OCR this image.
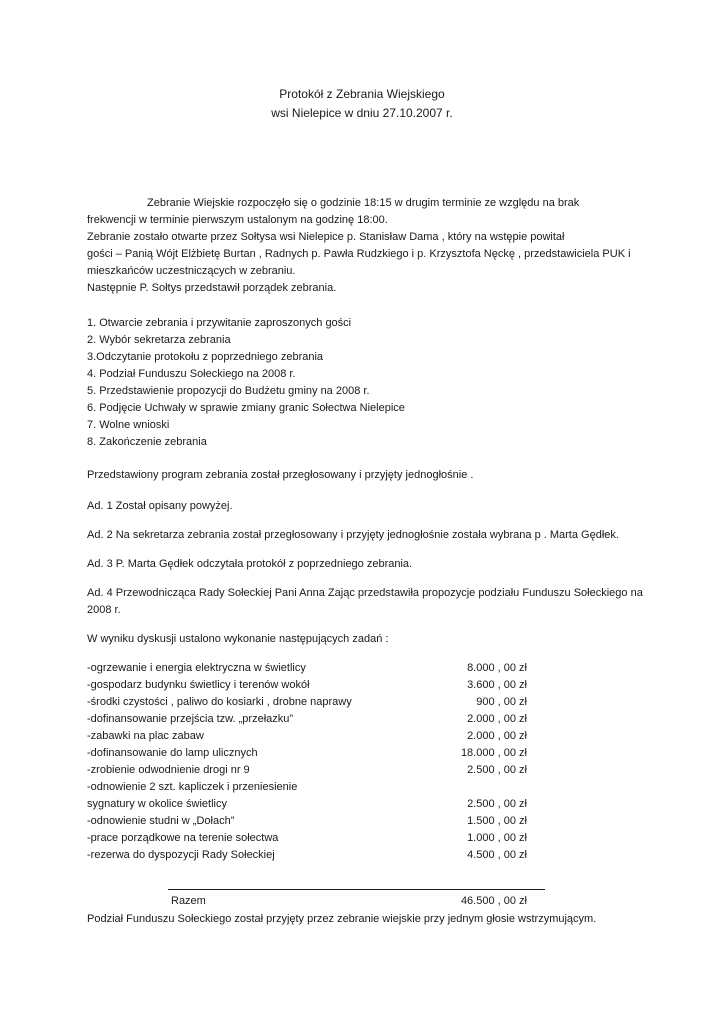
Protokół z Zebrania Wiejskiego
wsi Nielepice w dniu 27.10.2007 r.

Zebranie Wiejskie rozpoczęło się o godzinie 18:15 w drugim terminie ze względu na brak

frekwencji w terminie pierwszym ustalonym na godzinę 18:00.

Zebranie zostało otwarte przez Sołtysa wsi Nielepice p. Stanisław Dama , który na wstępie powitał

gości – Panią Wójt Elżbietę Burtan , Radnych p. Pawła Rudzkiego i p. Krzysztofa Nęckę , przedstawiciela PUK i

mieszkańców uczestniczących w zebraniu.

Następnie P. Sołtys przedstawił porządek zebrania.

1. Otwarcie zebrania i przywitanie zaproszonych gości

2. Wybór sekretarza zebrania

3.Odczytanie protokołu z poprzedniego zebrania

4. Podział Funduszu Sołeckiego na 2008 r.

5. Przedstawienie propozycji do Budżetu gminy na 2008 r.

6. Podjęcie Uchwały w sprawie zmiany granic Sołectwa Nielepice

7. Wolne wnioski

8. Zakończenie zebrania

Przedstawiony program zebrania został przegłosowany i przyjęty jednogłośnie .
Ad. 1 Został opisany powyżej.
Ad. 2 Na sekretarza zebrania został przegłosowany i przyjęty jednogłośnie została wybrana p . Marta Gędłek.
Ad. 3 P. Marta Gędłek odczytała protokół z poprzedniego zebrania.

Ad. 4 Przewodnicząca Rady Sołeckiej Pani Anna Zając przedstawiła propozycje podziału Funduszu Sołeckiego na

2008 r.

W wyniku dyskusji ustalono wykonanie następujących zadań :
-ogrzewanie i energia elektryczna w świetlicy	8.000 , 00 zł
-gospodarz budynku świetlicy i terenów wokół	3.600 , 00 zł
-środki czystości , paliwo do kosiarki , drobne naprawy	900 , 00 zł
-dofinansowanie przejścia tzw. „przełazku”	2.000 , 00 zł
-zabawki na plac zabaw	2.000 , 00 zł
-dofinansowanie do lamp ulicznych	18.000 , 00 zł
-zrobienie odwodnienie drogi nr 9	2.500 , 00 zł
-odnowienie 2 szt. kapliczek i przeniesienie
sygnatury w okolice świetlicy	2.500 , 00 zł
-odnowienie studni w „Dołach”	1.500 , 00 zł
-prace porządkowe na terenie sołectwa	1.000 , 00 zł
-rezerwa do dyspozycji Rady Sołeckiej	4.500 , 00 zł
Razem	46.500 , 00 zł
Podział Funduszu Sołeckiego został przyjęty przez zebranie wiejskie przy jednym głosie wstrzymującym.
